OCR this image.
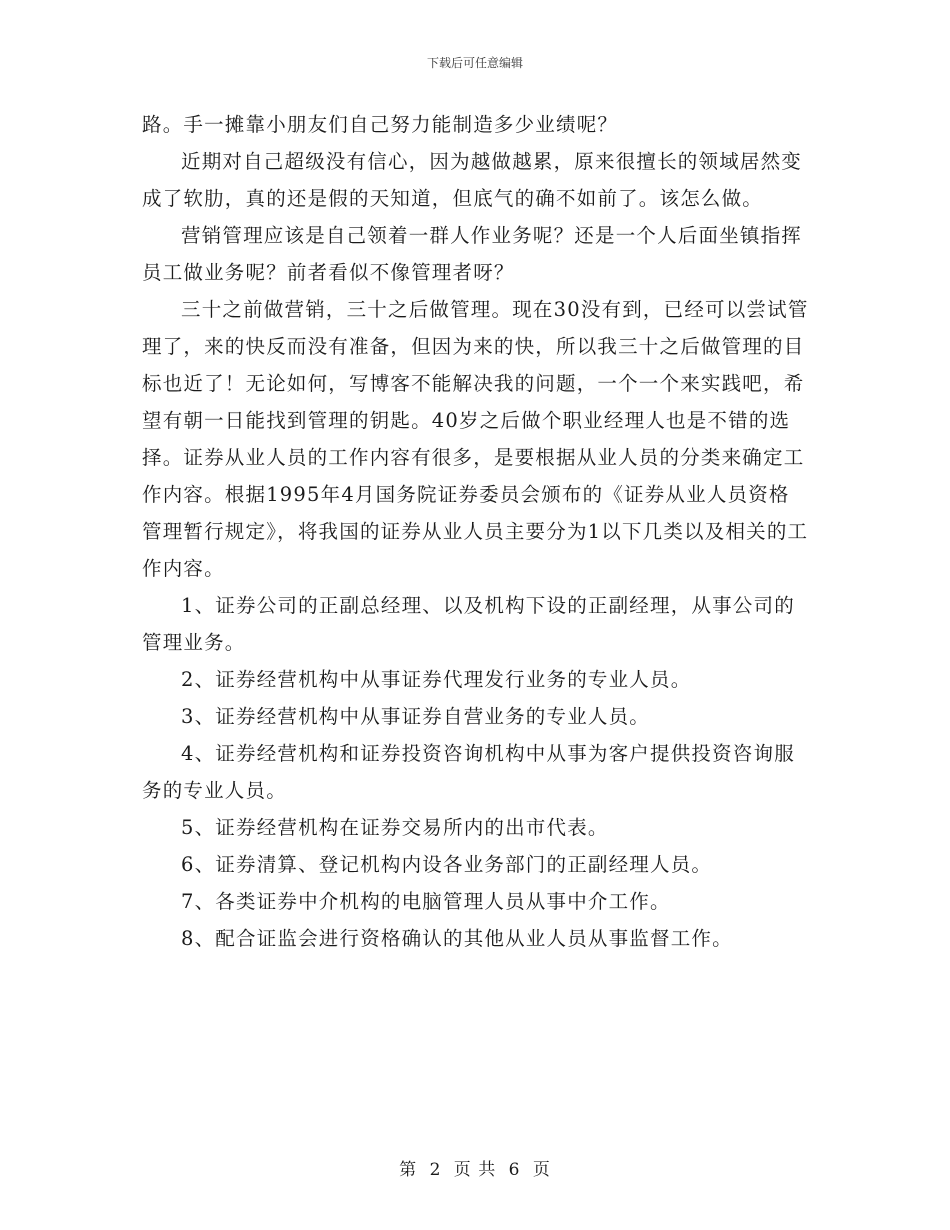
下载后可任意编辑

路。手一摊靠小朋友们自己努力能制造多少业绩呢？

近期对自己超级没有信心，因为越做越累，原来很擅长的领域居然变成了软肋，真的还是假的天知道，但底气的确不如前了。该怎么做。

营销管理应该是自己领着一群人作业务呢？还是一个人后面坐镇指挥员工做业务呢？前者看似不像管理者呀？

三十之前做营销，三十之后做管理。现在30没有到，已经可以尝试管理了，来的快反而没有准备，但因为来的快，所以我三十之后做管理的目标也近了！无论如何，写博客不能解决我的问题，一个一个来实践吧，希望有朝一日能找到管理的钥匙。40岁之后做个职业经理人也是不错的选择。证券从业人员的工作内容有很多，是要根据从业人员的分类来确定工作内容。根据1995年4月国务院证券委员会颁布的《证券从业人员资格管理暂行规定》，将我国的证券从业人员主要分为1以下几类以及相关的工作内容。

1、证券公司的正副总经理、以及机构下设的正副经理，从事公司的管理业务。

2、证券经营机构中从事证券代理发行业务的专业人员。

3、证券经营机构中从事证券自营业务的专业人员。

4、证券经营机构和证券投资咨询机构中从事为客户提供投资咨询服务的专业人员。

5、证券经营机构在证券交易所内的出市代表。

6、证券清算、登记机构内设各业务部门的正副经理人员。

7、各类证券中介机构的电脑管理人员从事中介工作。

8、配合证监会进行资格确认的其他从业人员从事监督工作。

第 2 页 共 6 页
